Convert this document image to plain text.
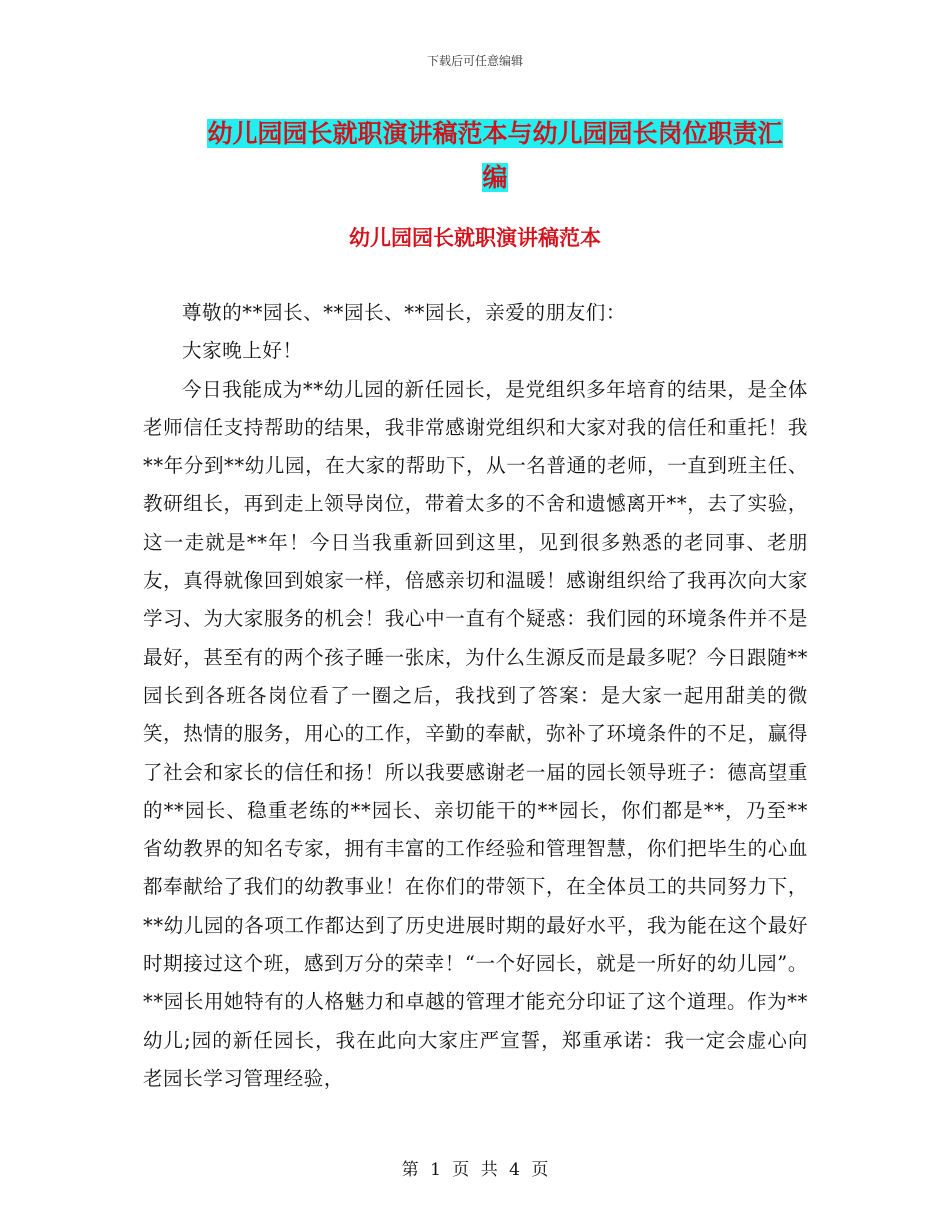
下载后可任意编辑
幼儿园园长就职演讲稿范本与幼儿园园长岗位职责汇
编
幼儿园园长就职演讲稿范本

尊敬的**园长、**园长、**园长，亲爱的朋友们：

大家晚上好！

今日我能成为**幼儿园的新任园长，是党组织多年培育的结果，是全体老师信任支持帮助的结果，我非常感谢党组织和大家对我的信任和重托！我**年分到**幼儿园，在大家的帮助下，从一名普通的老师，一直到班主任、教研组长，再到走上领导岗位，带着太多的不舍和遗憾离开**，去了实验，这一走就是**年！今日当我重新回到这里，见到很多熟悉的老同事、老朋友，真得就像回到娘家一样，倍感亲切和温暖！感谢组织给了我再次向大家学习、为大家服务的机会！我心中一直有个疑惑：我们园的环境条件并不是最好，甚至有的两个孩子睡一张床，为什么生源反而是最多呢？今日跟随**园长到各班各岗位看了一圈之后，我找到了答案：是大家一起用甜美的微笑，热情的服务，用心的工作，辛勤的奉献，弥补了环境条件的不足，赢得了社会和家长的信任和扬！所以我要感谢老一届的园长领导班子：德高望重的**园长、稳重老练的**园长、亲切能干的**园长，你们都是**，乃至**省幼教界的知名专家，拥有丰富的工作经验和管理智慧，你们把毕生的心血都奉献给了我们的幼教事业！在你们的带领下，在全体员工的共同努力下，**幼儿园的各项工作都达到了历史进展时期的最好水平，我为能在这个最好时期接过这个班，感到万分的荣幸！“一个好园长，就是一所好的幼儿园”。**园长用她特有的人格魅力和卓越的管理才能充分印证了这个道理。作为**幼儿;园的新任园长，我在此向大家庄严宣誓，郑重承诺：我一定会虚心向老园长学习管理经验，

第 1 页 共 4 页
